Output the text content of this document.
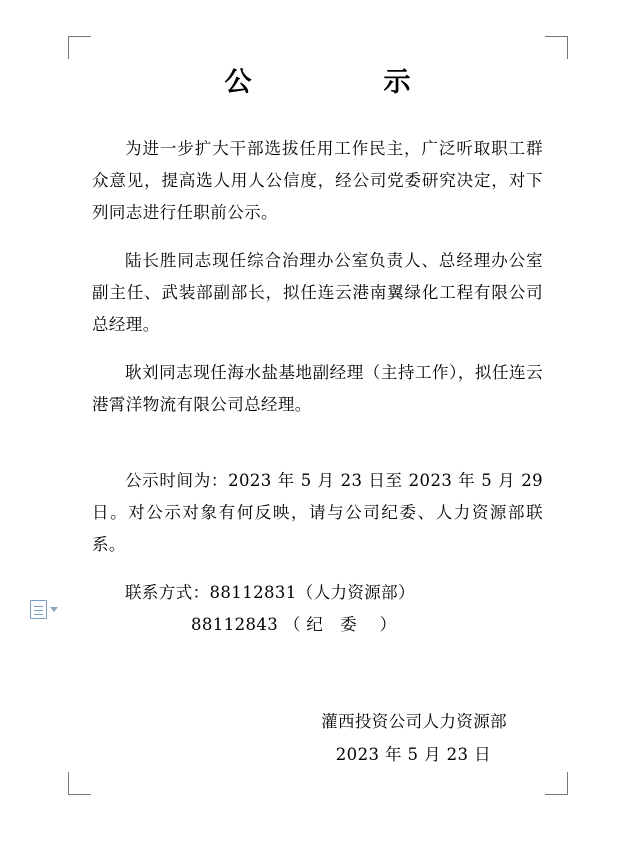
公　　示

为进一步扩大干部选拔任用工作民主，广泛听取职工群众意见，提高选人用人公信度，经公司党委研究决定，对下列同志进行任职前公示。

陆长胜同志现任综合治理办公室负责人、总经理办公室副主任、武装部副部长，拟任连云港南翼绿化工程有限公司总经理。

耿刘同志现任海水盐基地副经理（主持工作），拟任连云港霄洋物流有限公司总经理。

公示时间为：2023 年 5 月 23 日至 2023 年 5 月 29 日。对公示对象有何反映，请与公司纪委、人力资源部联系。

联系方式：88112831（人力资源部）

88112843 （ 纪　委　 ）

灌西投资公司人力资源部
2023 年 5 月 23 日
